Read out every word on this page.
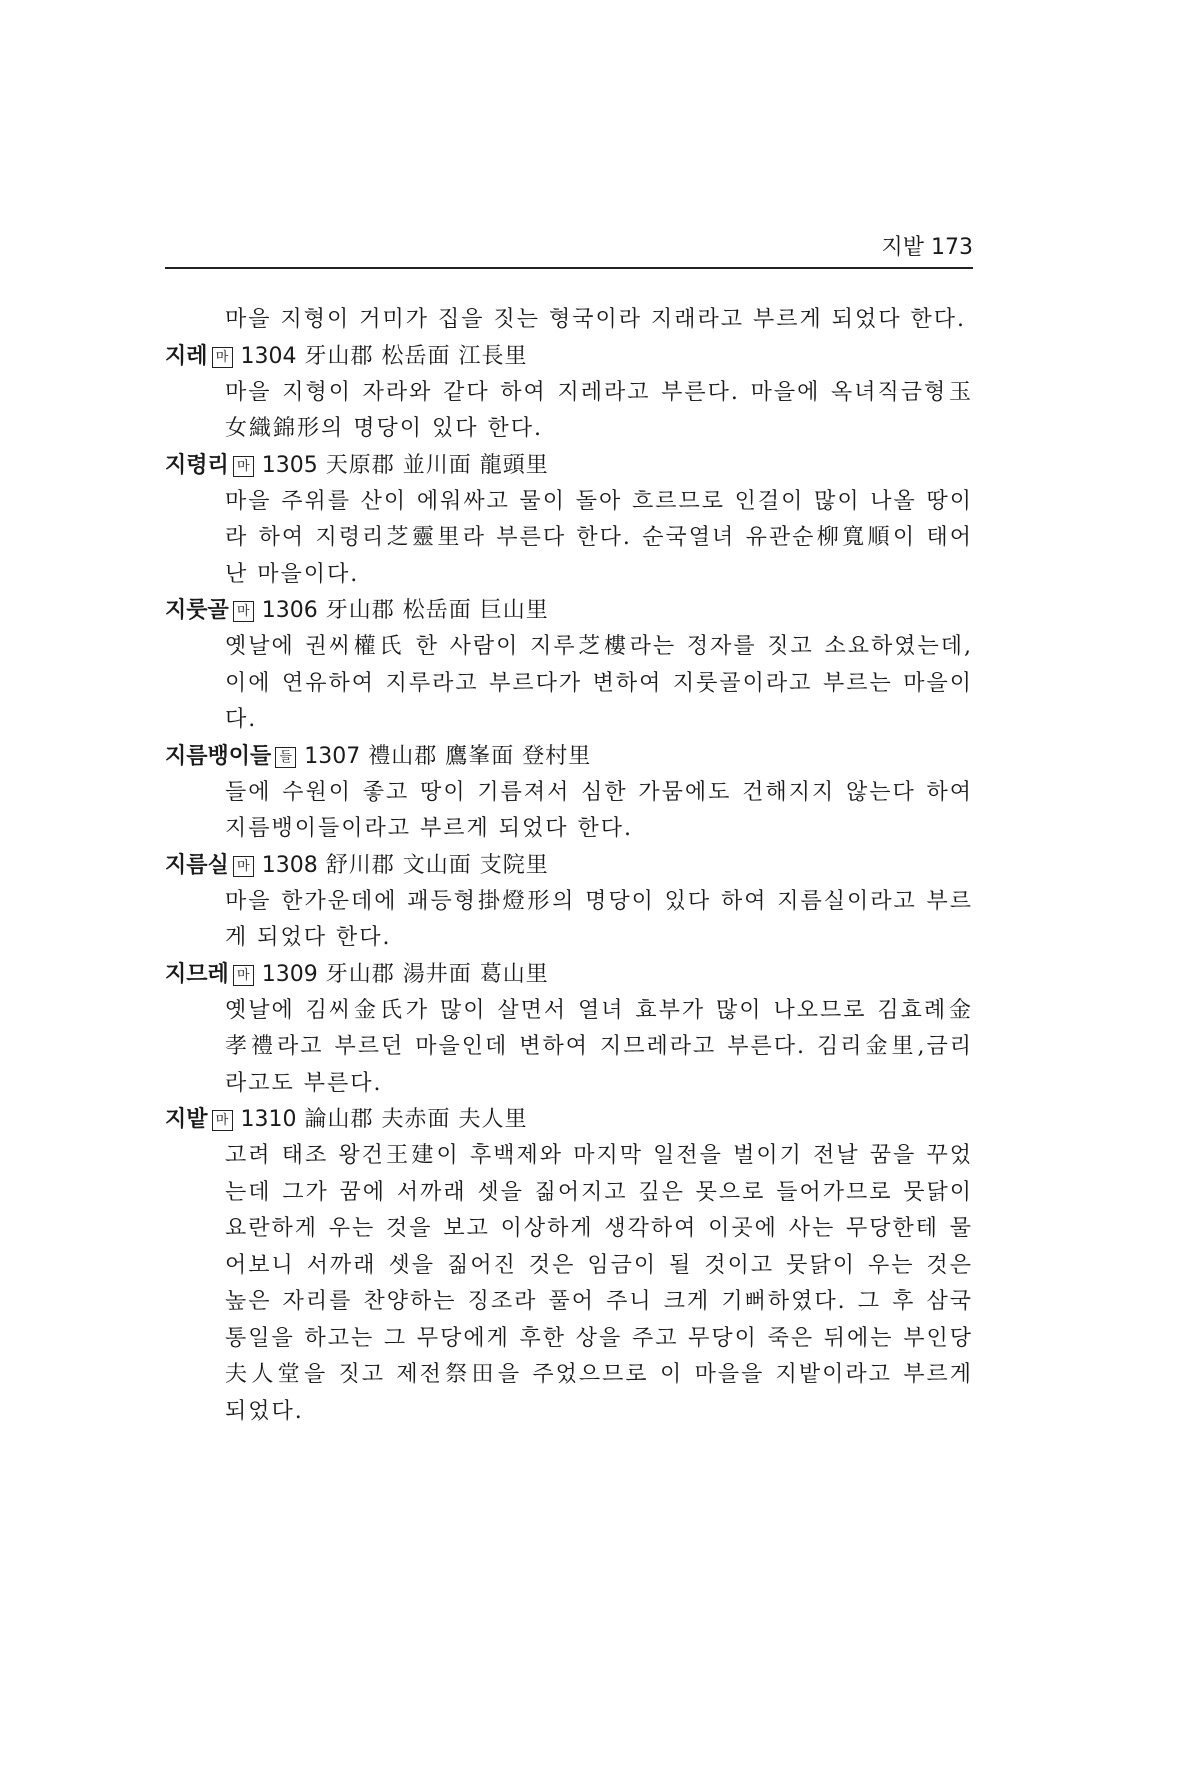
지밭 173

마을 지형이 거미가 집을 짓는 형국이라 지래라고 부르게 되었다 한다.

지레 마 1304 牙山郡 松岳面 江長里

마을 지형이 자라와 같다 하여 지레라고 부른다. 마을에 옥녀직금형玉女織錦形의 명당이 있다 한다.

지령리 마 1305 天原郡 並川面 龍頭里

마을 주위를 산이 에워싸고 물이 돌아 흐르므로 인걸이 많이 나올 땅이라 하여 지령리芝靈里라 부른다 한다. 순국열녀 유관순柳寬順이 태어난 마을이다.

지룻골 마 1306 牙山郡 松岳面 巨山里

옛날에 권씨權氏 한 사람이 지루芝樓라는 정자를 짓고 소요하였는데, 이에 연유하여 지루라고 부르다가 변하여 지룻골이라고 부르는 마을이다.

지름뱅이들 들 1307 禮山郡 鷹峯面 登村里

들에 수원이 좋고 땅이 기름져서 심한 가뭄에도 건해지지 않는다 하여 지름뱅이들이라고 부르게 되었다 한다.

지름실 마 1308 舒川郡 文山面 支院里

마을 한가운데에 괘등형掛燈形의 명당이 있다 하여 지름실이라고 부르게 되었다 한다.

지므레 마 1309 牙山郡 湯井面 葛山里

옛날에 김씨金氏가 많이 살면서 열녀 효부가 많이 나오므로 김효례金孝禮라고 부르던 마을인데 변하여 지므레라고 부른다. 김리金里,금리라고도 부른다.

지밭 마 1310 論山郡 夫赤面 夫人里

고려 태조 왕건王建이 후백제와 마지막 일전을 벌이기 전날 꿈을 꾸었는데 그가 꿈에 서까래 셋을 짊어지고 깊은 못으로 들어가므로 뭇닭이 요란하게 우는 것을 보고 이상하게 생각하여 이곳에 사는 무당한테 물어보니 서까래 셋을 짊어진 것은 임금이 될 것이고 뭇닭이 우는 것은 높은 자리를 찬양하는 징조라 풀어 주니 크게 기뻐하였다. 그 후 삼국통일을 하고는 그 무당에게 후한 상을 주고 무당이 죽은 뒤에는 부인당夫人堂을 짓고 제전祭田을 주었으므로 이 마을을 지밭이라고 부르게 되었다.
